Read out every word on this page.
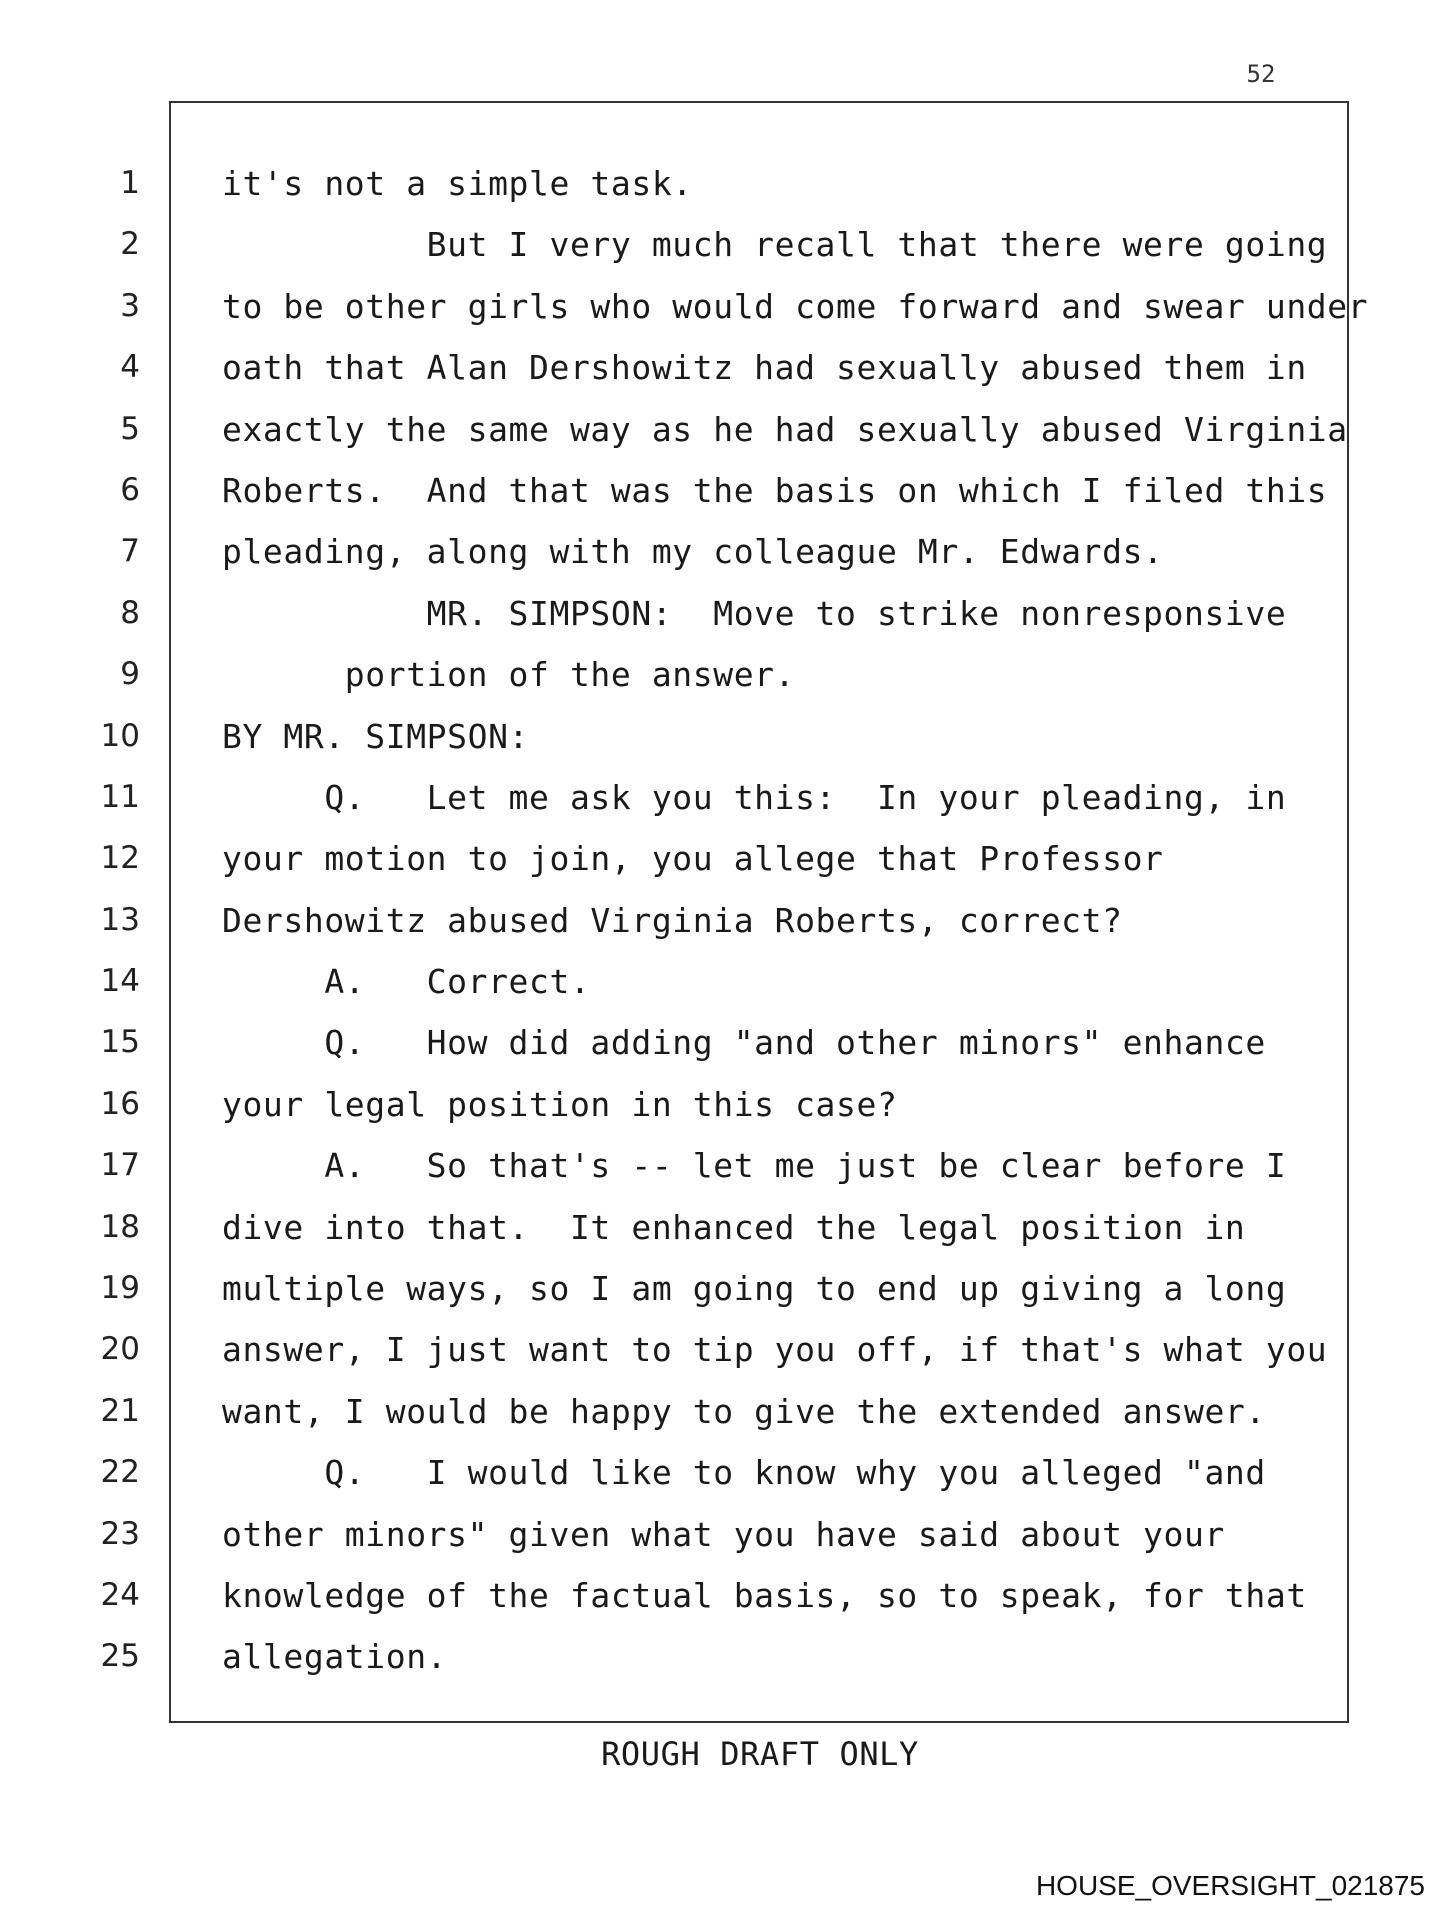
52
1
2
3
4
5
6
7
8
9
10
11
12
13
14
15
16
17
18
19
20
21
22
23
24
25
it's not a simple task.
But I very much recall that there were going
to be other girls who would come forward and swear under
oath that Alan Dershowitz had sexually abused them in
exactly the same way as he had sexually abused Virginia
Roberts.  And that was the basis on which I filed this
pleading, along with my colleague Mr. Edwards.
MR. SIMPSON:  Move to strike nonresponsive
portion of the answer.
BY MR. SIMPSON:
Q.   Let me ask you this:  In your pleading, in
your motion to join, you allege that Professor
Dershowitz abused Virginia Roberts, correct?
A.   Correct.
Q.   How did adding "and other minors" enhance
your legal position in this case?
A.   So that's -- let me just be clear before I
dive into that.  It enhanced the legal position in
multiple ways, so I am going to end up giving a long
answer, I just want to tip you off, if that's what you
want, I would be happy to give the extended answer.
Q.   I would like to know why you alleged "and
other minors" given what you have said about your
knowledge of the factual basis, so to speak, for that
allegation.
ROUGH DRAFT ONLY
HOUSE_OVERSIGHT_021875
